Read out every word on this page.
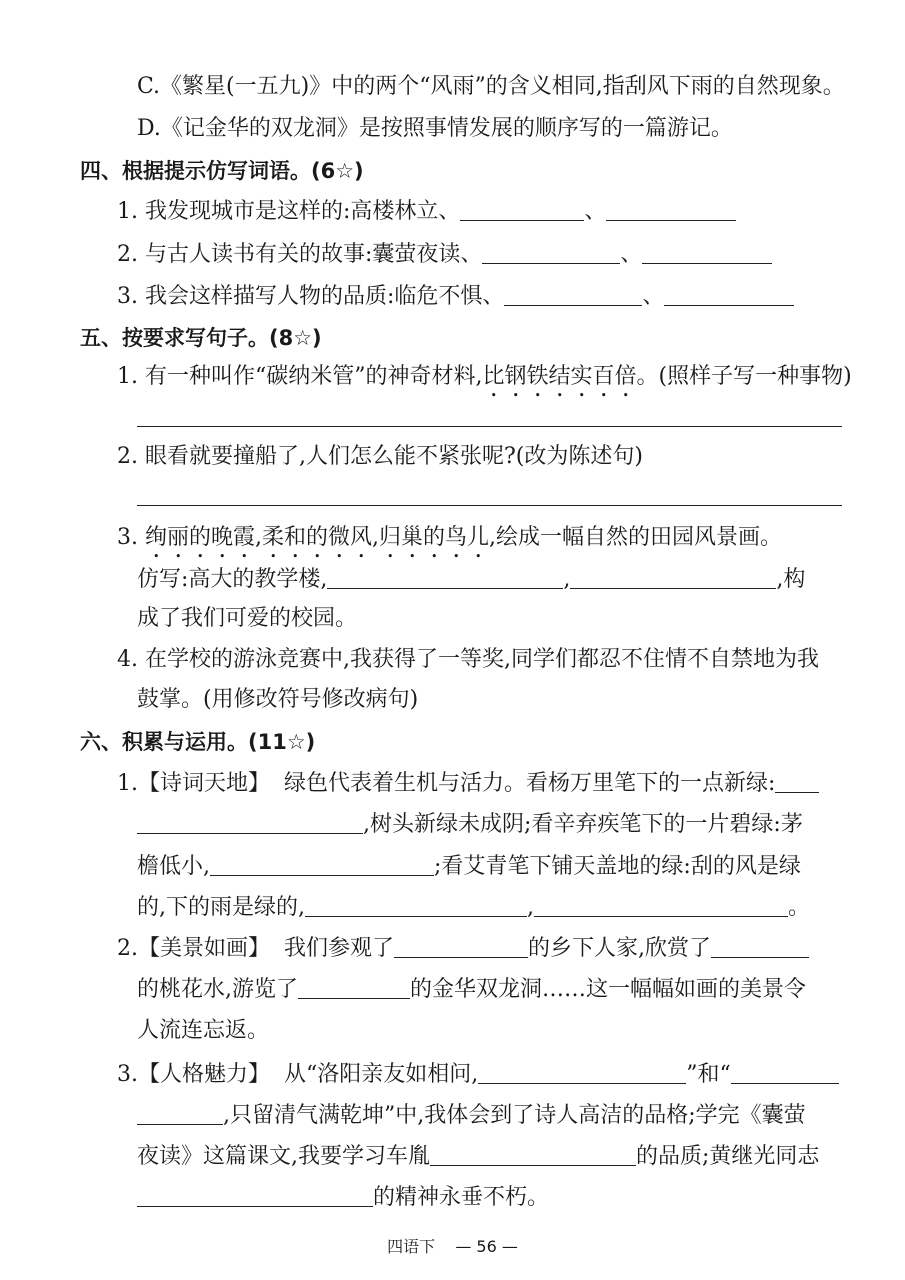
C.《繁星(一五九)》中的两个“风雨”的含义相同,指刮风下雨的自然现象。
D.《记金华的双龙洞》是按照事情发展的顺序写的一篇游记。
四、根据提示仿写词语。(6☆)
1. 我发现城市是这样的:高楼林立、	、
2. 与古人读书有关的故事:囊萤夜读、	、
3. 我会这样描写人物的品质:临危不惧、	、
五、按要求写句子。(8☆)
1. 有一种叫作“碳纳米管”的神奇材料,比钢铁结实百倍。(照样子写一种事物)
2. 眼看就要撞船了,人们怎么能不紧张呢?(改为陈述句)
3. 绚丽的晚霞,柔和的微风,归巢的鸟儿,绘成一幅自然的田园风景画。
仿写:高大的教学楼,	,	,构
成了我们可爱的校园。
4. 在学校的游泳竞赛中,我获得了一等奖,同学们都忍不住情不自禁地为我
鼓掌。(用修改符号修改病句)
六、积累与运用。(11☆)
1.【诗词天地】 绿色代表着生机与活力。看杨万里笔下的一点新绿:
,树头新绿未成阴;看辛弃疾笔下的一片碧绿:茅
檐低小,	;看艾青笔下铺天盖地的绿:刮的风是绿
的,下的雨是绿的,	,	。
2.【美景如画】 我们参观了	的乡下人家,欣赏了
的桃花水,游览了	的金华双龙洞……这一幅幅如画的美景令
人流连忘返。
3.【人格魅力】 从“洛阳亲友如相问,	”和“
,只留清气满乾坤”中,我体会到了诗人高洁的品格;学完《囊萤
夜读》这篇课文,我要学习车胤	的品质;黄继光同志
的精神永垂不朽。
四语下 — 56 —
